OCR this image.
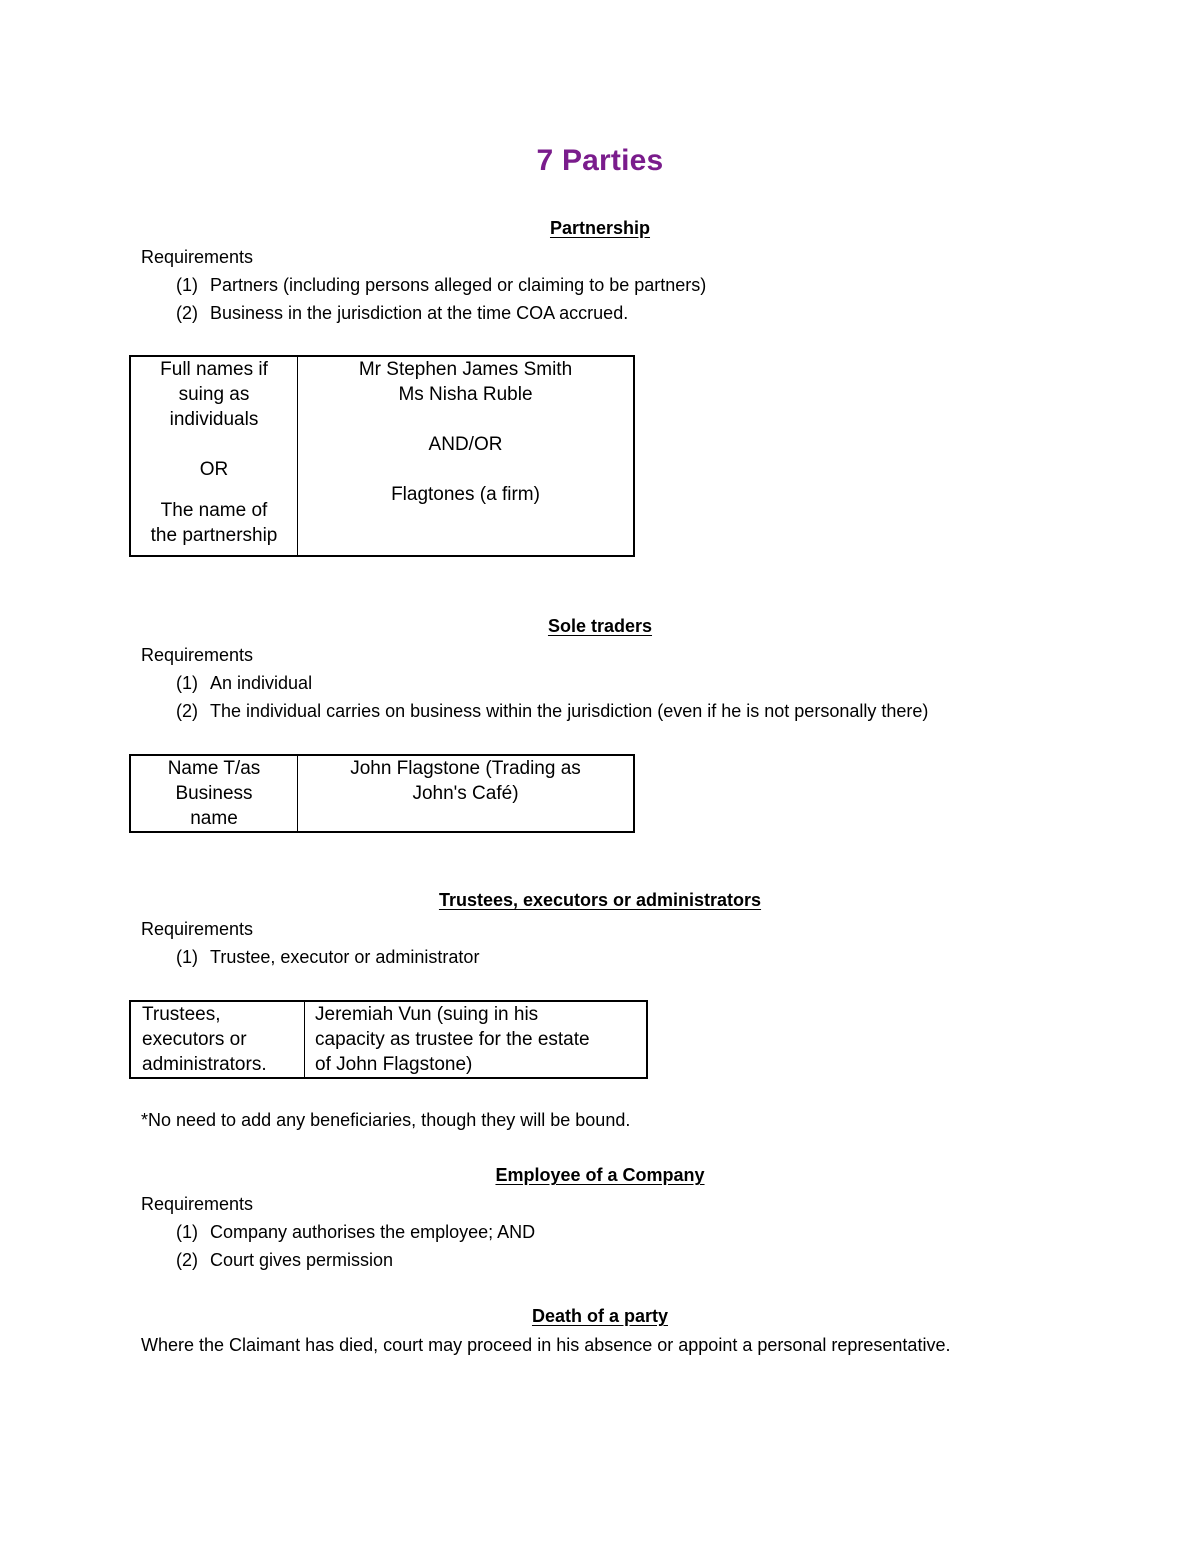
7 Parties
Partnership
Requirements
(1) Partners (including persons alleged or claiming to be partners)
(2) Business in the jurisdiction at the time COA accrued.
Full names if
suing as
individuals
OR
The name of
the partnership

Mr Stephen James Smith
Ms Nisha Ruble
AND/OR
Flagtones (a firm)
Sole traders
Requirements
(1) An individual
(2) The individual carries on business within the jurisdiction (even if he is not personally there)
Name T/as
Business
name

John Flagstone (Trading as
John's Café)
Trustees, executors or administrators
Requirements
(1) Trustee, executor or administrator
Trustees,
executors or
administrators.

Jeremiah Vun (suing in his
capacity as trustee for the estate
of John Flagstone)
*No need to add any beneficiaries, though they will be bound.
Employee of a Company
Requirements
(1) Company authorises the employee; AND
(2) Court gives permission
Death of a party
Where the Claimant has died, court may proceed in his absence or appoint a personal representative.
